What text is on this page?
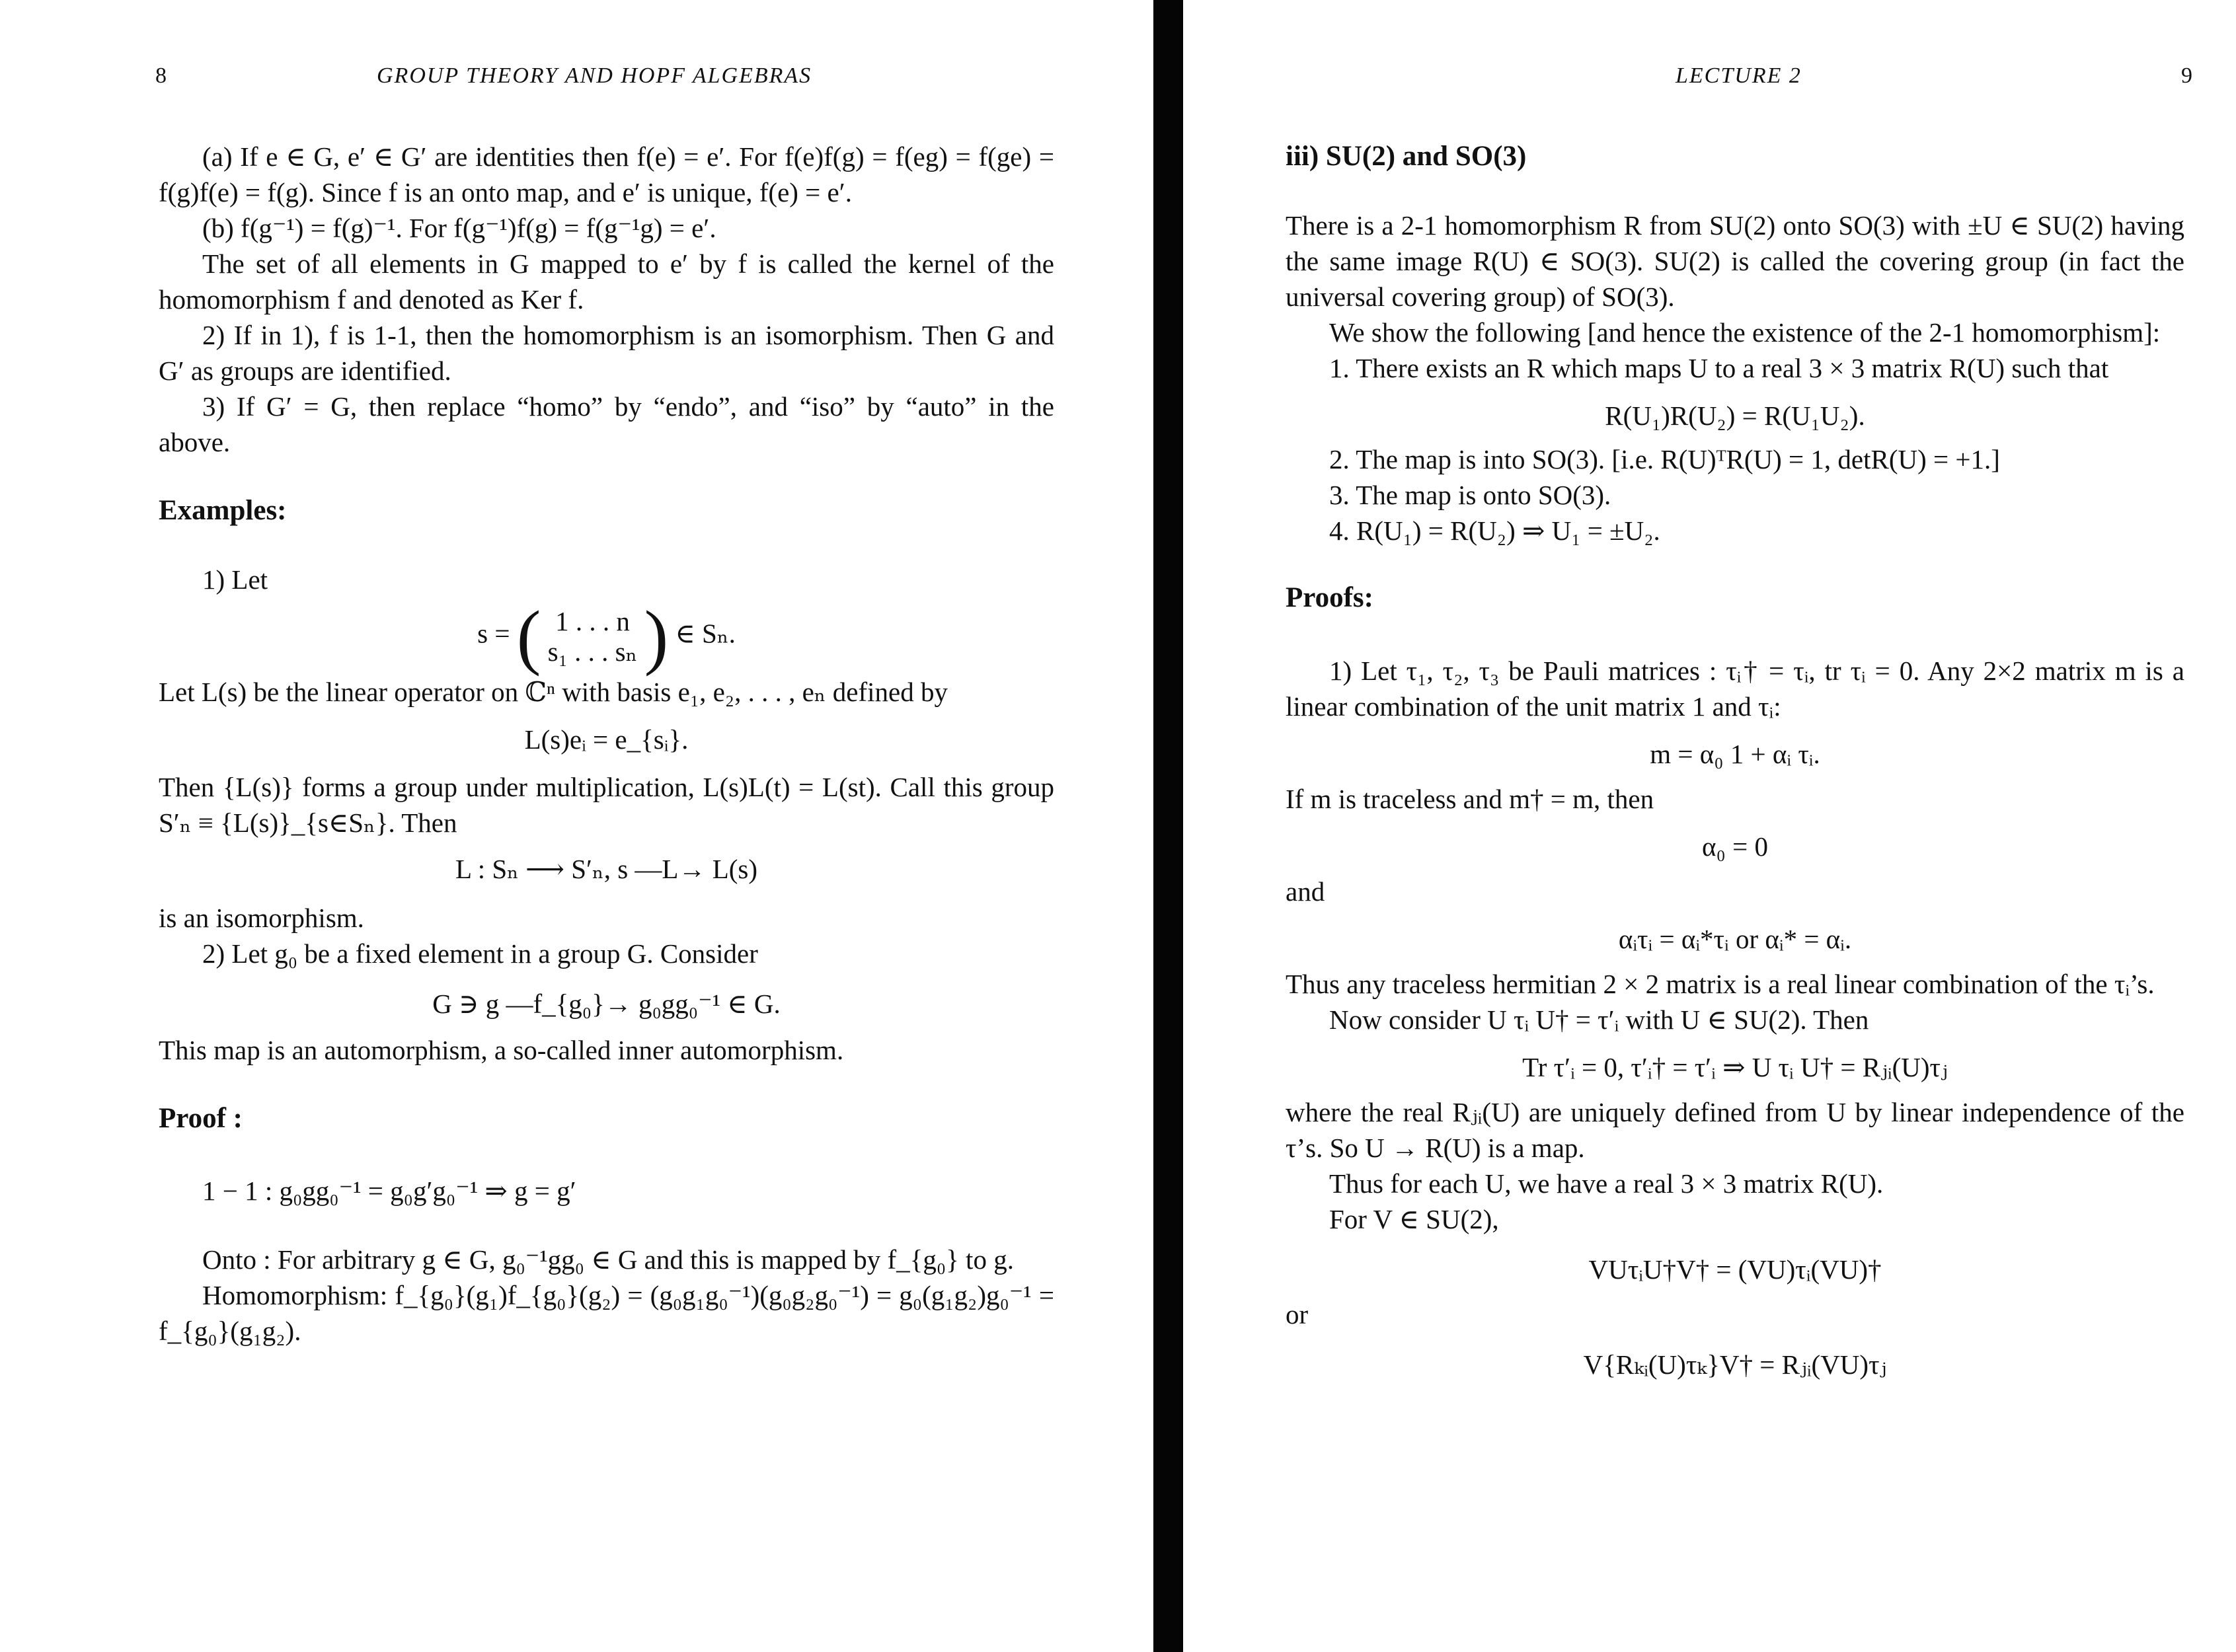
8	GROUP THEORY AND HOPF ALGEBRAS

(a) If e ∈ G, e′ ∈ G′ are identities then f(e) = e′. For f(e)f(g) = f(eg) = f(ge) = f(g)f(e) = f(g). Since f is an onto map, and e′ is unique, f(e) = e′.

(b) f(g⁻¹) = f(g)⁻¹. For f(g⁻¹)f(g) = f(g⁻¹g) = e′.

The set of all elements in G mapped to e′ by f is called the kernel of the homomorphism f and denoted as Ker f.

2) If in 1), f is 1-1, then the homomorphism is an isomorphism. Then G and G′ as groups are identified.

3) If G′ = G, then replace “homo” by “endo”, and “iso” by “auto” in the above.

Examples:

1) Let

s = ( 1 . . . n
s₁ . . . sₙ ) ∈ Sₙ.

Let L(s) be the linear operator on ℂⁿ with basis e₁, e₂, . . . , eₙ defined by

L(s)eᵢ = e_{sᵢ}.

Then {L(s)} forms a group under multiplication, L(s)L(t) = L(st). Call this group S′ₙ ≡ {L(s)}_{s∈Sₙ}. Then

L : Sₙ ⟶ S′ₙ, s —L→ L(s)

is an isomorphism.

2) Let g₀ be a fixed element in a group G. Consider

G ∋ g —f_{g₀}→ g₀gg₀⁻¹ ∈ G.

This map is an automorphism, a so-called inner automorphism.

Proof :

1 − 1 : g₀gg₀⁻¹ = g₀g′g₀⁻¹ ⇒ g = g′

Onto : For arbitrary g ∈ G, g₀⁻¹gg₀ ∈ G and this is mapped by f_{g₀} to g.

Homomorphism: f_{g₀}(g₁)f_{g₀}(g₂) = (g₀g₁g₀⁻¹)(g₀g₂g₀⁻¹) = g₀(g₁g₂)g₀⁻¹ = f_{g₀}(g₁g₂).

LECTURE 2	9

iii) SU(2) and SO(3)

There is a 2-1 homomorphism R from SU(2) onto SO(3) with ±U ∈ SU(2) having the same image R(U) ∈ SO(3). SU(2) is called the covering group (in fact the universal covering group) of SO(3).

We show the following [and hence the existence of the 2-1 homomorphism]:

1. There exists an R which maps U to a real 3 × 3 matrix R(U) such that

R(U₁)R(U₂) = R(U₁U₂).

2. The map is into SO(3). [i.e. R(U)ᵀR(U) = 1, detR(U) = +1.]

3. The map is onto SO(3).

4. R(U₁) = R(U₂) ⇒ U₁ = ±U₂.

Proofs:

1) Let τ₁, τ₂, τ₃ be Pauli matrices : τᵢ† = τᵢ, tr τᵢ = 0. Any 2×2 matrix m is a linear combination of the unit matrix 1 and τᵢ:

m = α₀ 1 + αᵢ τᵢ.

If m is traceless and m† = m, then

α₀ = 0

and

αᵢτᵢ = αᵢ*τᵢ or αᵢ* = αᵢ.

Thus any traceless hermitian 2 × 2 matrix is a real linear combination of the τᵢ’s.

Now consider U τᵢ U† = τ′ᵢ with U ∈ SU(2). Then

Tr τ′ᵢ = 0, τ′ᵢ† = τ′ᵢ ⇒ U τᵢ U† = Rⱼᵢ(U)τⱼ

where the real Rⱼᵢ(U) are uniquely defined from U by linear independence of the τ’s. So U → R(U) is a map.

Thus for each U, we have a real 3 × 3 matrix R(U).

For V ∈ SU(2),

VUτᵢU†V† = (VU)τᵢ(VU)†

or

V{Rₖᵢ(U)τₖ}V† = Rⱼᵢ(VU)τⱼ
